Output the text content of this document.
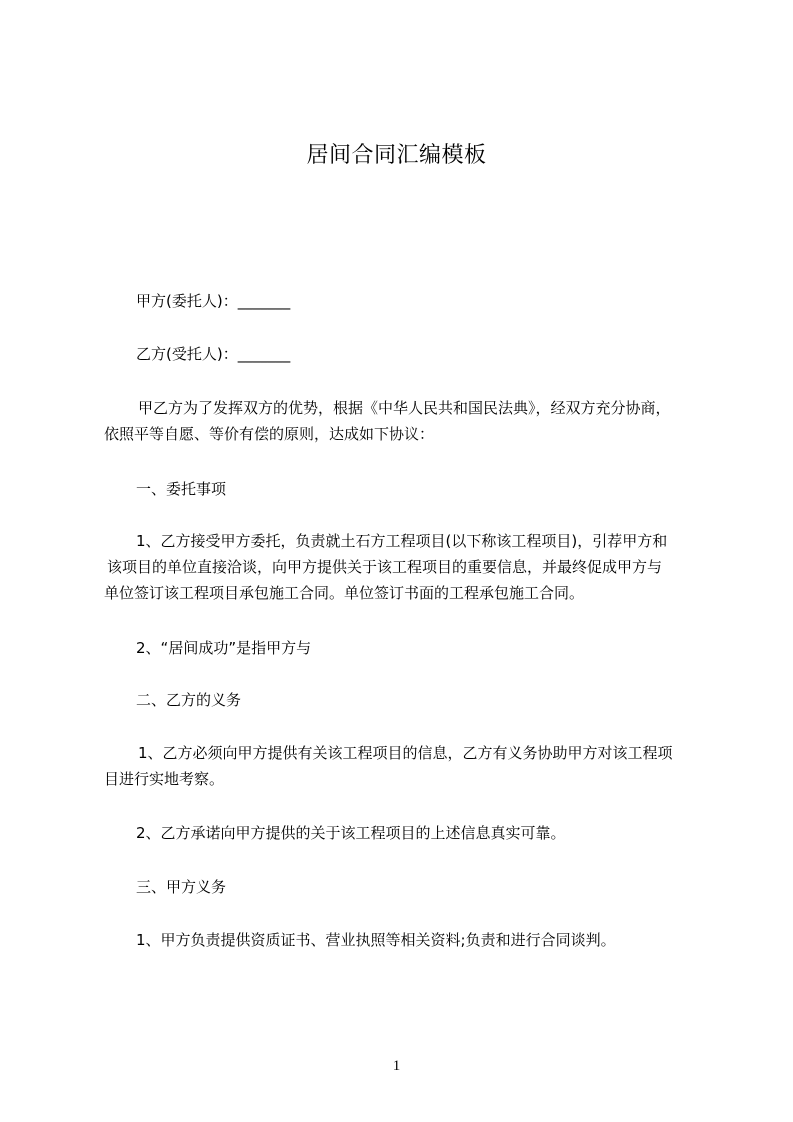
居间合同汇编模板
甲方(委托人)：_______
乙方(受托人)：_______
甲乙方为了发挥双方的优势，根据《中华人民共和国民法典》，经双方充分协商，
依照平等自愿、等价有偿的原则，达成如下协议：
一、委托事项
1、乙方接受甲方委托，负责就土石方工程项目(以下称该工程项目)，引荐甲方和
该项目的单位直接洽谈，向甲方提供关于该工程项目的重要信息，并最终促成甲方与
单位签订该工程项目承包施工合同。单位签订书面的工程承包施工合同。
2、“居间成功”是指甲方与
二、乙方的义务
1、乙方必须向甲方提供有关该工程项目的信息，乙方有义务协助甲方对该工程项
目进行实地考察。
2、乙方承诺向甲方提供的关于该工程项目的上述信息真实可靠。
三、甲方义务
1、甲方负责提供资质证书、营业执照等相关资料;负责和进行合同谈判。
1
